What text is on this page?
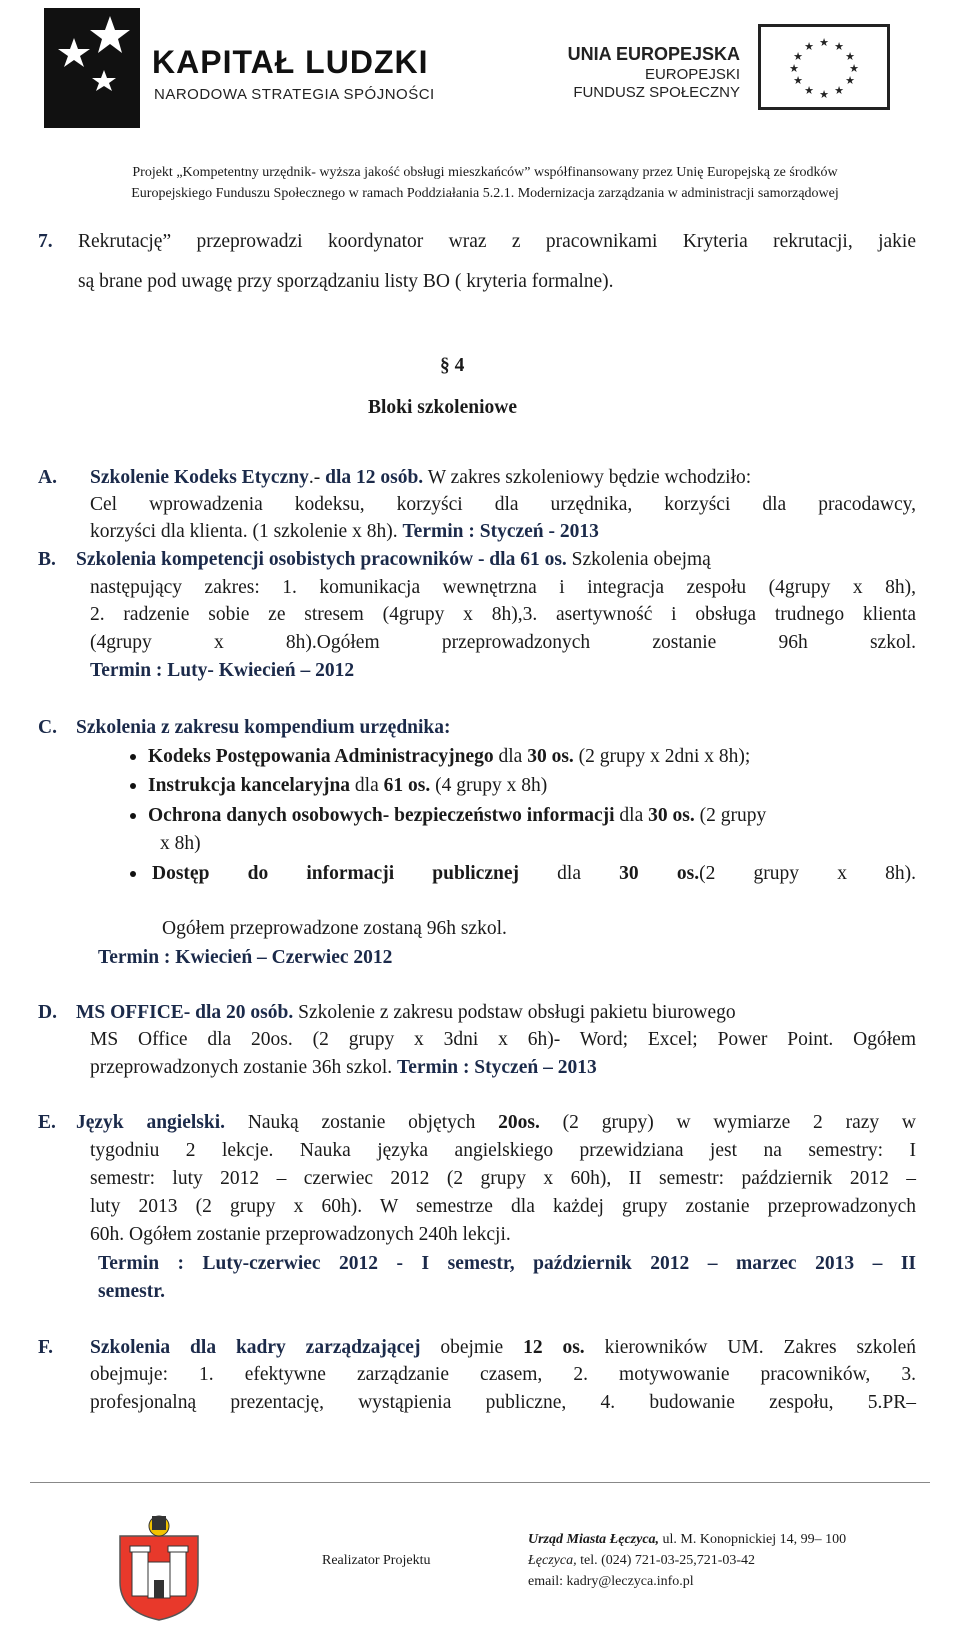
KAPITAŁ LUDZKI
NARODOWA STRATEGIA SPÓJNOŚCI
UNIA EUROPEJSKA
EUROPEJSKI
FUNDUSZ SPOŁECZNY
★ ★
★
★
★
★
★
★
★
★
★
★
Projekt „Kompetentny urzędnik- wyższa jakość obsługi mieszkańców” współfinansowany przez Unię Europejską ze środków
Europejskiego Funduszu Społecznego w ramach Poddziałania 5.2.1. Modernizacja zarządzania w administracji samorządowej
7. Rekrutację” przeprowadzi koordynator wraz z pracownikami Kryteria rekrutacji, jakie
są brane pod uwagę przy sporządzaniu listy BO ( kryteria formalne).
§ 4
Bloki szkoleniowe
A. Szkolenie Kodeks Etyczny.- dla 12 osób. W zakres szkoleniowy będzie wchodziło:
Cel wprowadzenia kodeksu, korzyści dla urzędnika, korzyści dla pracodawcy,
korzyści dla klienta. (1 szkolenie x 8h). Termin : Styczeń - 2013
B. Szkolenia kompetencji osobistych pracowników - dla 61 os. Szkolenia obejmą
następujący zakres: 1. komunikacja wewnętrzna i integracja zespołu (4grupy x 8h),
2. radzenie sobie ze stresem (4grupy x 8h),3. asertywność i obsługa trudnego klienta
(4grupy x 8h).Ogółem przeprowadzonych zostanie 96h szkol.
Termin : Luty- Kwiecień – 2012
C. Szkolenia z zakresu kompendium urzędnika:
Kodeks Postępowania Administracyjnego dla 30 os. (2 grupy x 2dni x 8h);
Instrukcja kancelaryjna dla 61 os. (4 grupy x 8h)
Ochrona danych osobowych- bezpieczeństwo informacji dla 30 os. (2 grupy
x 8h)
Dostęp do informacji publicznej dla 30 os.(2 grupy x 8h).
Ogółem przeprowadzone zostaną 96h szkol.
Termin : Kwiecień – Czerwiec 2012
D. MS OFFICE- dla 20 osób. Szkolenie z zakresu podstaw obsługi pakietu biurowego
MS Office dla 20os. (2 grupy x 3dni x 6h)- Word; Excel; Power Point. Ogółem
przeprowadzonych zostanie 36h szkol. Termin : Styczeń – 2013
E. Język angielski. Nauką zostanie objętych 20os. (2 grupy) w wymiarze 2 razy w
tygodniu 2 lekcje. Nauka języka angielskiego przewidziana jest na semestry: I
semestr: luty 2012 – czerwiec 2012 (2 grupy x 60h), II semestr: październik 2012 –
luty 2013 (2 grupy x 60h). W semestrze dla każdej grupy zostanie przeprowadzonych
60h. Ogółem zostanie przeprowadzonych 240h lekcji.
Termin : Luty-czerwiec 2012 - I semestr, październik 2012 – marzec 2013 – II
semestr.
F. Szkolenia dla kadry zarządzającej obejmie 12 os. kierowników UM. Zakres szkoleń
obejmuje: 1. efektywne zarządzanie czasem, 2. motywowanie pracowników, 3.
profesjonalną prezentację, wystąpienia publiczne, 4. budowanie zespołu, 5.PR–
Realizator Projektu
Urząd Miasta Łęczyca, ul. M. Konopnickiej 14, 99– 100
Łęczyca, tel. (024) 721-03-25,721-03-42
email: kadry@leczyca.info.pl
